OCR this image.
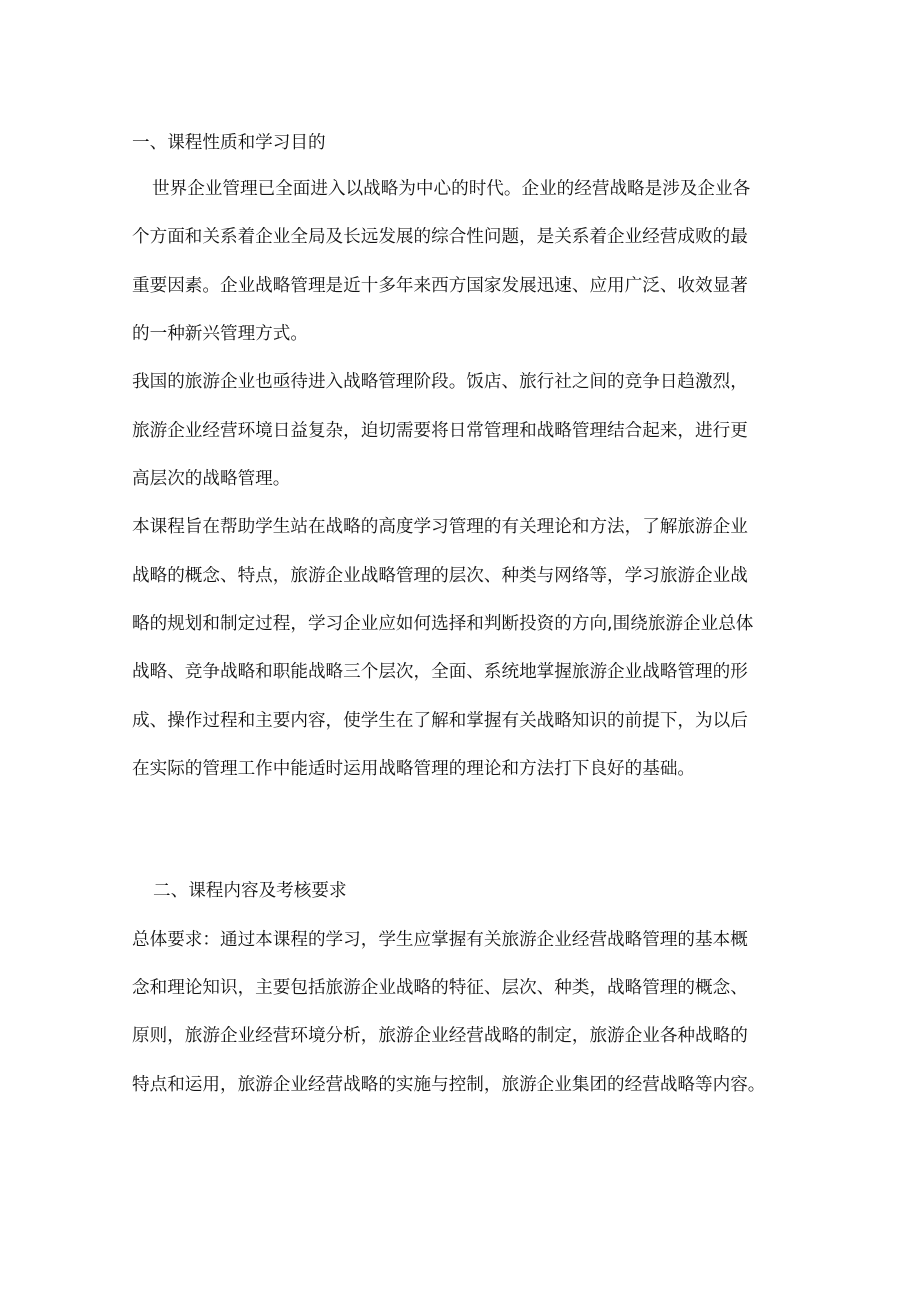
一、课程性质和学习目的
世界企业管理已全面进入以战略为中心的时代。企业的经营战略是涉及企业各
个方面和关系着企业全局及长远发展的综合性问题，是关系着企业经营成败的最
重要因素。企业战略管理是近十多年来西方国家发展迅速、应用广泛、收效显著
的一种新兴管理方式。
我国的旅游企业也亟待进入战略管理阶段。饭店、旅行社之间的竞争日趋激烈，
旅游企业经营环境日益复杂，迫切需要将日常管理和战略管理结合起来，进行更
高层次的战略管理。
本课程旨在帮助学生站在战略的高度学习管理的有关理论和方法，了解旅游企业
战略的概念、特点，旅游企业战略管理的层次、种类与网络等，学习旅游企业战
略的规划和制定过程，学习企业应如何选择和判断投资的方向,围绕旅游企业总体
战略、竞争战略和职能战略三个层次，全面、系统地掌握旅游企业战略管理的形
成、操作过程和主要内容，使学生在了解和掌握有关战略知识的前提下，为以后
在实际的管理工作中能适时运用战略管理的理论和方法打下良好的基础。
二、课程内容及考核要求
总体要求：通过本课程的学习，学生应掌握有关旅游企业经营战略管理的基本概
念和理论知识，主要包括旅游企业战略的特征、层次、种类，战略管理的概念、
原则，旅游企业经营环境分析，旅游企业经营战略的制定，旅游企业各种战略的
特点和运用，旅游企业经营战略的实施与控制，旅游企业集团的经营战略等内容。
